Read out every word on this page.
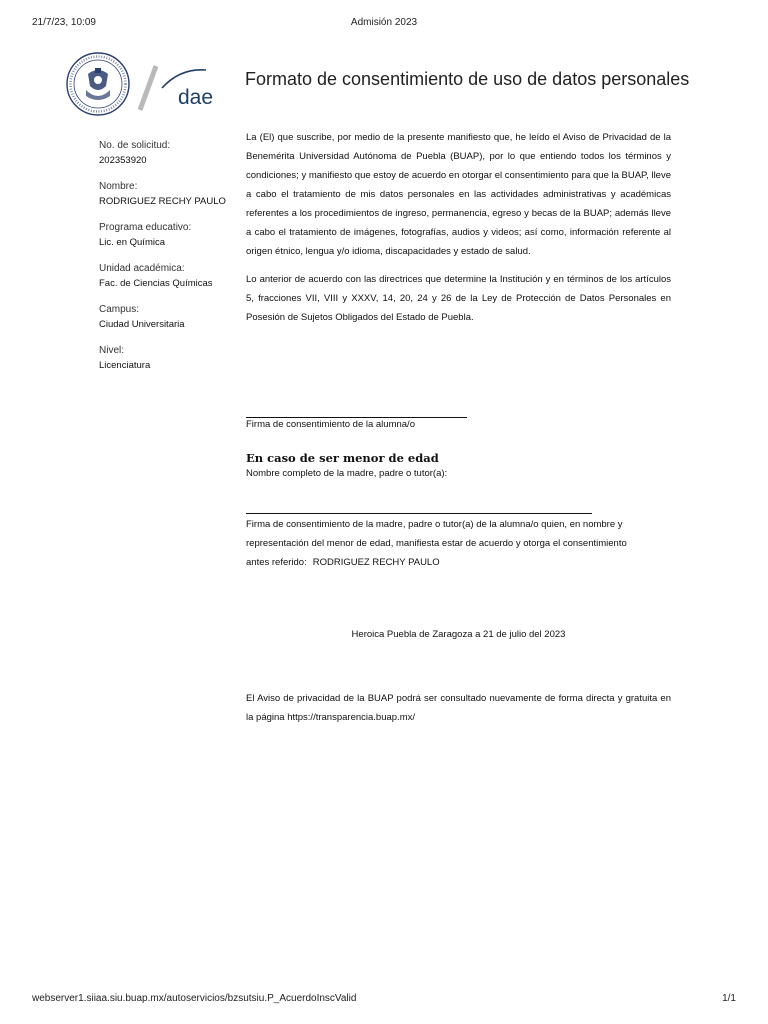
21/7/23, 10:09	Admisión 2023
dae
Formato de consentimiento de uso de datos personales
No. de solicitud:
202353920
Nombre:
RODRIGUEZ RECHY PAULO
Programa educativo:
Lic. en Química
Unidad académica:
Fac. de Ciencias Químicas
Campus:
Ciudad Universitaria
Nivel:
Licenciatura

La (El) que suscribe, por medio de la presente manifiesto que, he leído el Aviso de Privacidad de la Benemérita Universidad Autónoma de Puebla (BUAP), por lo que entiendo todos los términos y condiciones; y manifiesto que estoy de acuerdo en otorgar el consentimiento para que la BUAP, lleve a cabo el tratamiento de mis datos personales en las actividades administrativas y académicas referentes a los procedimientos de ingreso, permanencia, egreso y becas de la BUAP; además lleve a cabo el tratamiento de imágenes, fotografías, audios y videos; así como, información referente al origen étnico, lengua y/o idioma, discapacidades y estado de salud.

Lo anterior de acuerdo con las directrices que determine la Institución y en términos de los artículos 5, fracciones VII, VIII y XXXV, 14, 20, 24 y 26 de la Ley de Protección de Datos Personales en Posesión de Sujetos Obligados del Estado de Puebla.

Firma de consentimiento de la alumna/o
En caso de ser menor de edad
Nombre completo de la madre, padre o tutor(a):
Firma de consentimiento de la madre, padre o tutor(a) de la alumna/o quien, en nombre y representación del menor de edad, manifiesta estar de acuerdo y otorga el consentimiento antes referido: RODRIGUEZ RECHY PAULO
Heroica Puebla de Zaragoza a 21 de julio del 2023
El Aviso de privacidad de la BUAP podrá ser consultado nuevamente de forma directa y gratuita en la página https://transparencia.buap.mx/
webserver1.siiaa.siu.buap.mx/autoservicios/bzsutsiu.P_AcuerdoInscValid	1/1
